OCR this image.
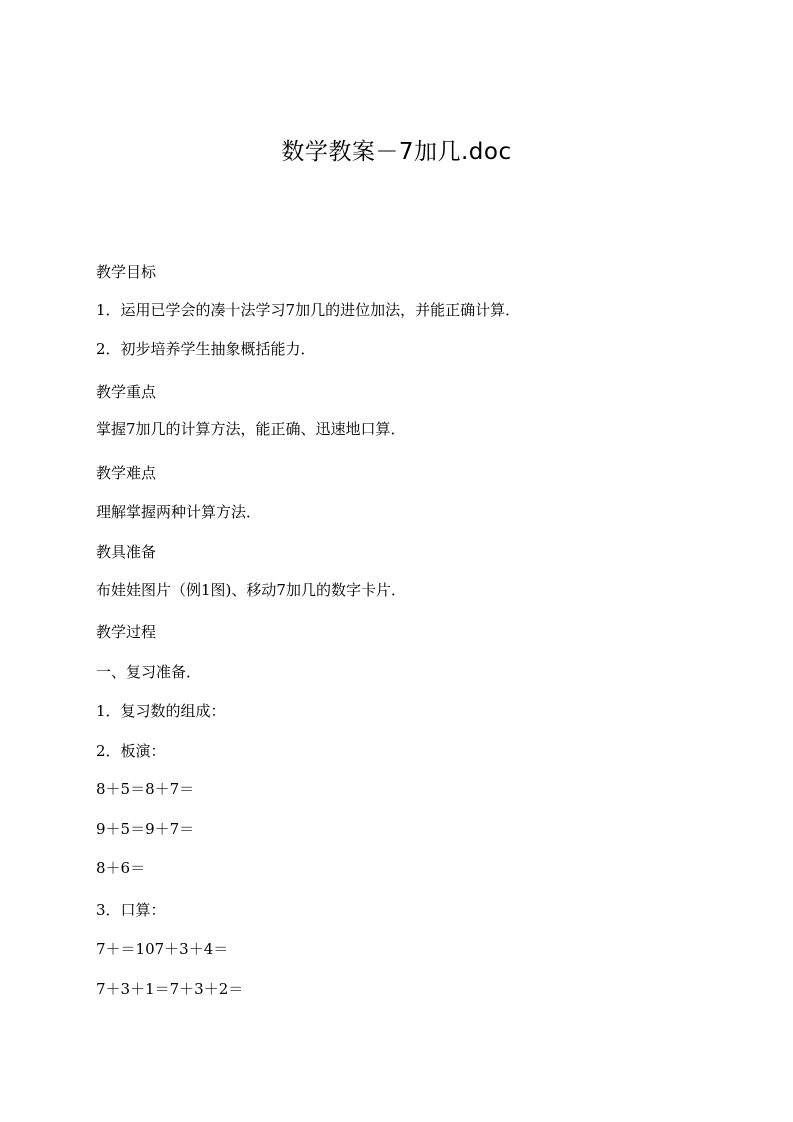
数学教案－7加几.doc
教学目标
1．运用已学会的凑十法学习7加几的进位加法，并能正确计算．
2．初步培养学生抽象概括能力．
教学重点
掌握7加几的计算方法，能正确、迅速地口算．
教学难点
理解掌握两种计算方法．
教具准备
布娃娃图片（例1图)、移动7加几的数字卡片．
教学过程
一、复习准备．
1．复习数的组成：
2．板演：
8＋5＝8＋7＝
9＋5＝9＋7＝
8＋6＝
3．口算：
7＋＝107＋3＋4＝
7＋3＋1＝7＋3＋2＝
